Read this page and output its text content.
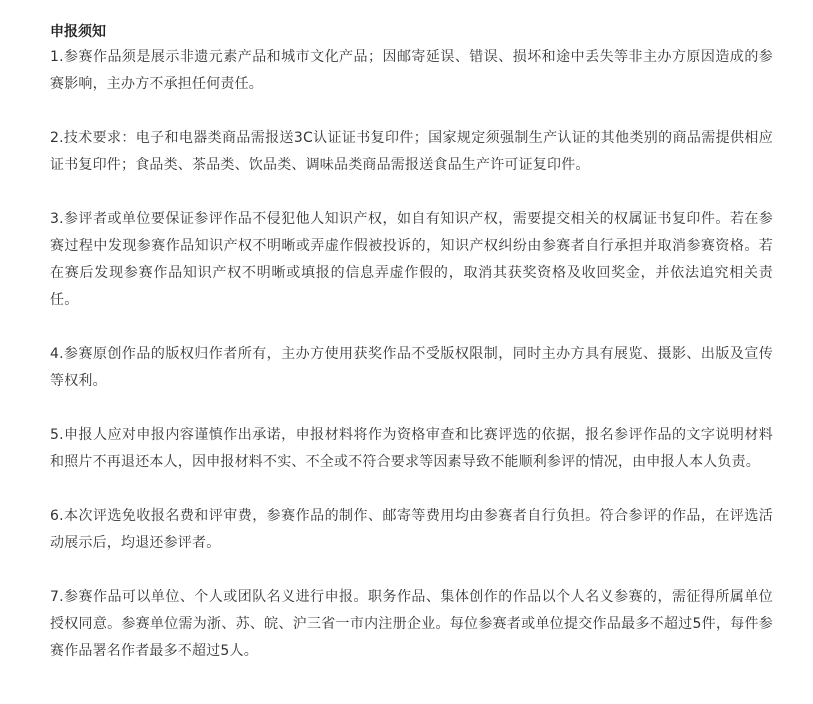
申报须知

1.参赛作品须是展示非遗元素产品和城市文化产品；因邮寄延误、错误、损坏和途中丢失等非主办方原因造成的参赛影响，主办方不承担任何责任。

2.技术要求：电子和电器类商品需报送3C认证证书复印件；国家规定须强制生产认证的其他类别的商品需提供相应证书复印件；食品类、茶品类、饮品类、调味品类商品需报送食品生产许可证复印件。

3.参评者或单位要保证参评作品不侵犯他人知识产权，如自有知识产权，需要提交相关的权属证书复印件。若在参赛过程中发现参赛作品知识产权不明晰或弄虚作假被投诉的，知识产权纠纷由参赛者自行承担并取消参赛资格。若在赛后发现参赛作品知识产权不明晰或填报的信息弄虚作假的，取消其获奖资格及收回奖金，并依法追究相关责任。

4.参赛原创作品的版权归作者所有，主办方使用获奖作品不受版权限制，同时主办方具有展览、摄影、出版及宣传等权利。

5.申报人应对申报内容谨慎作出承诺，申报材料将作为资格审查和比赛评选的依据，报名参评作品的文字说明材料和照片不再退还本人，因申报材料不实、不全或不符合要求等因素导致不能顺利参评的情况，由申报人本人负责。

6.本次评选免收报名费和评审费，参赛作品的制作、邮寄等费用均由参赛者自行负担。符合参评的作品，在评选活动展示后，均退还参评者。

7.参赛作品可以单位、个人或团队名义进行申报。职务作品、集体创作的作品以个人名义参赛的，需征得所属单位授权同意。参赛单位需为浙、苏、皖、沪三省一市内注册企业。每位参赛者或单位提交作品最多不超过5件，每件参赛作品署名作者最多不超过5人。
